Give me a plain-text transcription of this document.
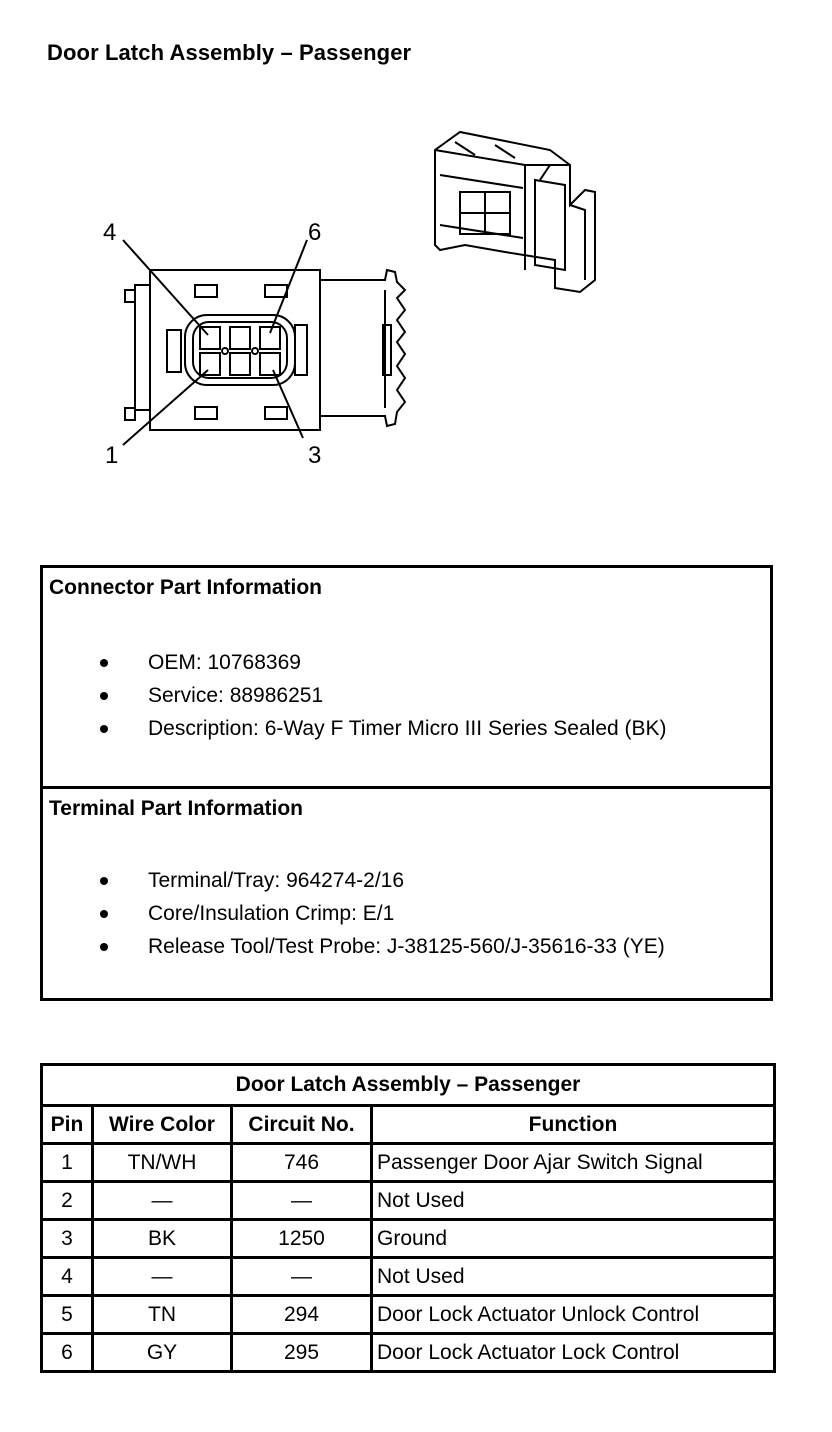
Door Latch Assembly – Passenger
4	6
1	3
Connector Part Information
OEM: 10768369
Service: 88986251
Description: 6-Way F Timer Micro III Series Sealed (BK)
Terminal Part Information
Terminal/Tray: 964274-2/16
Core/Insulation Crimp: E/1
Release Tool/Test Probe: J-38125-560/J-35616-33 (YE)
Door Latch Assembly – Passenger			
Pin	Wire Color	Circuit No.	Function
1	TN/WH	746	Passenger Door Ajar Switch Signal
2	—	—	Not Used
3	BK	1250	Ground
4	—	—	Not Used
5	TN	294	Door Lock Actuator Unlock Control
6	GY	295	Door Lock Actuator Lock Control
